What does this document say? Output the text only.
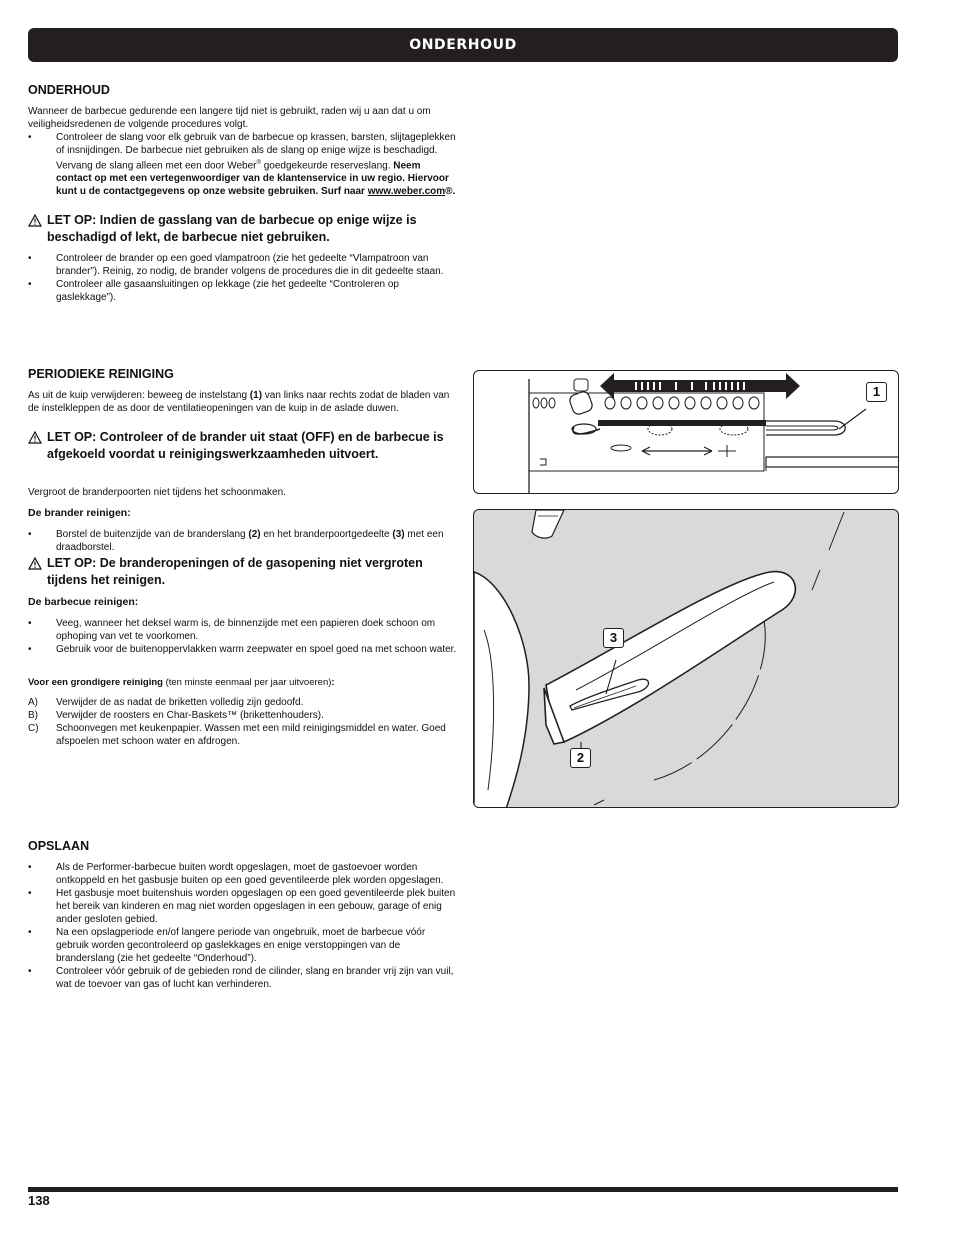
ONDERHOUD
ONDERHOUD
Wanneer de barbecue gedurende een langere tijd niet is gebruikt, raden wij u aan dat u om veiligheidsredenen de volgende procedures volgt.
• Controleer de slang voor elk gebruik van de barbecue op krassen, barsten, slijtageplekken of insnijdingen. De barbecue niet gebruiken als de slang op enige wijze is beschadigd. Vervang de slang alleen met een door Weber® goedgekeurde reserveslang. Neem contact op met een vertegenwoordiger van de klantenservice in uw regio. Hiervoor kunt u de contactgegevens op onze website gebruiken. Surf naar www.weber.com®.
LET OP: Indien de gasslang van de barbecue op enige wijze is beschadigd of lekt, de barbecue niet gebruiken.
• Controleer de brander op een goed vlampatroon (zie het gedeelte “Vlampatroon van brander”). Reinig, zo nodig, de brander volgens de procedures die in dit gedeelte staan.
• Controleer alle gasaansluitingen op lekkage (zie het gedeelte “Controleren op gaslekkage”).
PERIODIEKE REINIGING
As uit de kuip verwijderen: beweeg de instelstang (1) van links naar rechts zodat de bladen van de instelkleppen de as door de ventilatieopeningen van de kuip in de aslade duwen.
LET OP: Controleer of de brander uit staat (OFF) en de barbecue is afgekoeld voordat u reinigingswerkzaamheden uitvoert.
Vergroot de branderpoorten niet tijdens het schoonmaken.
De brander reinigen:
• Borstel de buitenzijde van de branderslang (2) en het branderpoortgedeelte (3) met een draadborstel.
LET OP: De branderopeningen of de gasopening niet vergroten tijdens het reinigen.
De barbecue reinigen:
• Veeg, wanneer het deksel warm is, de binnenzijde met een papieren doek schoon om ophoping van vet te voorkomen.
• Gebruik voor de buitenoppervlakken warm zeepwater en spoel goed na met schoon water.
Voor een grondigere reiniging (ten minste eenmaal per jaar uitvoeren):
A) Verwijder de as nadat de briketten volledig zijn gedoofd.
B) Verwijder de roosters en Char-Baskets™ (brikettenhouders).
C) Schoonvegen met keukenpapier. Wassen met een mild reinigingsmiddel en water. Goed afspoelen met schoon water en afdrogen.
OPSLAAN
• Als de Performer-barbecue buiten wordt opgeslagen, moet de gastoevoer worden ontkoppeld en het gasbusje buiten op een goed geventileerde plek worden opgeslagen.
• Het gasbusje moet buitenshuis worden opgeslagen op een goed geventileerde plek buiten het bereik van kinderen en mag niet worden opgeslagen in een gebouw, garage of enig ander gesloten gebied.
• Na een opslagperiode en/of langere periode van ongebruik, moet de barbecue vóór gebruik worden gecontroleerd op gaslekkages en enige verstoppingen van de branderslang (zie het gedeelte “Onderhoud”).
• Controleer vóór gebruik of de gebieden rond de cilinder, slang en brander vrij zijn van vuil, wat de toevoer van gas of lucht kan verhinderen.
1
3
2
138
